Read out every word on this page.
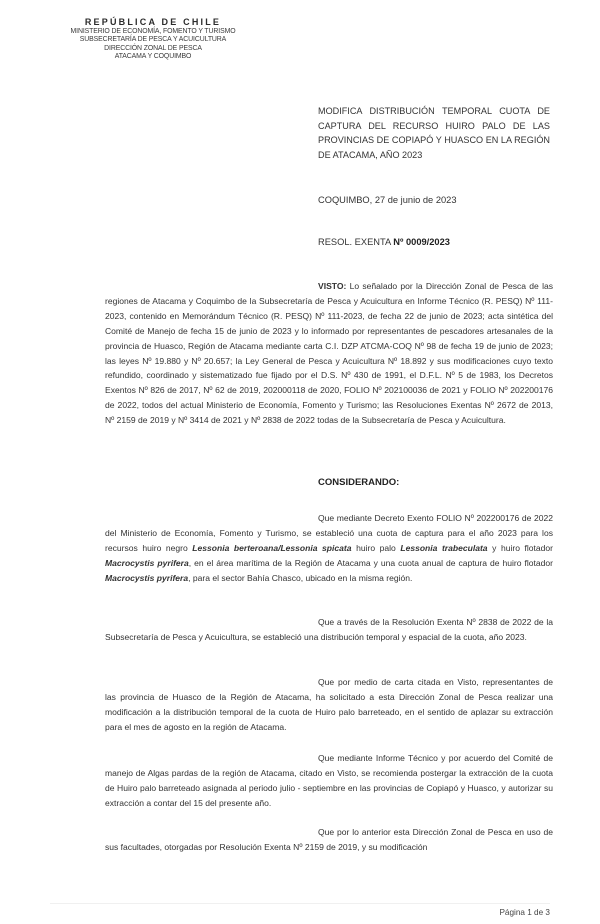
REPÚBLICA DE CHILE
MINISTERIO DE ECONOMÍA, FOMENTO Y TURISMO
SUBSECRETARÍA DE PESCA Y ACUICULTURA
DIRECCIÓN ZONAL DE PESCA
ATACAMA Y COQUIMBO
MODIFICA DISTRIBUCIÓN TEMPORAL CUOTA DE CAPTURA DEL RECURSO HUIRO PALO DE LAS PROVINCIAS DE COPIAPÓ Y HUASCO EN LA REGIÓN DE ATACAMA, AÑO 2023
COQUIMBO, 27 de junio de 2023
RESOL. EXENTA Nº 0009/2023
VISTO: Lo señalado por la Dirección Zonal de Pesca de las regiones de Atacama y Coquimbo de la Subsecretaría de Pesca y Acuicultura en Informe Técnico (R. PESQ) Nº 111-2023, contenido en Memorándum Técnico (R. PESQ) Nº 111-2023, de fecha 22 de junio de 2023; acta sintética del Comité de Manejo de fecha 15 de junio de 2023 y lo informado por representantes de pescadores artesanales de la provincia de Huasco, Región de Atacama mediante carta C.I. DZP ATCMA-COQ Nº 98 de fecha 19 de junio de 2023; las leyes Nº 19.880 y Nº 20.657; la Ley General de Pesca y Acuicultura Nº 18.892 y sus modificaciones cuyo texto refundido, coordinado y sistematizado fue fijado por el D.S. Nº 430 de 1991, el D.F.L. Nº 5 de 1983, los Decretos Exentos Nº 826 de 2017, Nº 62 de 2019, 202000118 de 2020, FOLIO Nº 202100036 de 2021 y FOLIO Nº 202200176 de 2022, todos del actual Ministerio de Economía, Fomento y Turismo; las Resoluciones Exentas Nº 2672 de 2013, Nº 2159 de 2019 y Nº 3414 de 2021 y Nº 2838 de 2022 todas de la Subsecretaría de Pesca y Acuicultura.
CONSIDERANDO:
Que mediante Decreto Exento FOLIO Nº 202200176 de 2022 del Ministerio de Economía, Fomento y Turismo, se estableció una cuota de captura para el año 2023 para los recursos huiro negro Lessonia berteroana/Lessonia spicata huiro palo Lessonia trabeculata y huiro flotador Macrocystis pyrifera, en el área marítima de la Región de Atacama y una cuota anual de captura de huiro flotador Macrocystis pyrifera, para el sector Bahía Chasco, ubicado en la misma región.
Que a través de la Resolución Exenta Nº 2838 de 2022 de la Subsecretaría de Pesca y Acuicultura, se estableció una distribución temporal y espacial de la cuota, año 2023.
Que por medio de carta citada en Visto, representantes de las provincia de Huasco de la Región de Atacama, ha solicitado a esta Dirección Zonal de Pesca realizar una modificación a la distribución temporal de la cuota de Huiro palo barreteado, en el sentido de aplazar su extracción para el mes de agosto en la región de Atacama.
Que mediante Informe Técnico y por acuerdo del Comité de manejo de Algas pardas de la región de Atacama, citado en Visto, se recomienda postergar la extracción de la cuota de Huiro palo barreteado asignada al periodo julio - septiembre en las provincias de Copiapó y Huasco, y autorizar su extracción a contar del 15 del presente año.
Que por lo anterior esta Dirección Zonal de Pesca en uso de sus facultades, otorgadas por Resolución Exenta Nº 2159 de 2019, y su modificación
Página 1 de 3
